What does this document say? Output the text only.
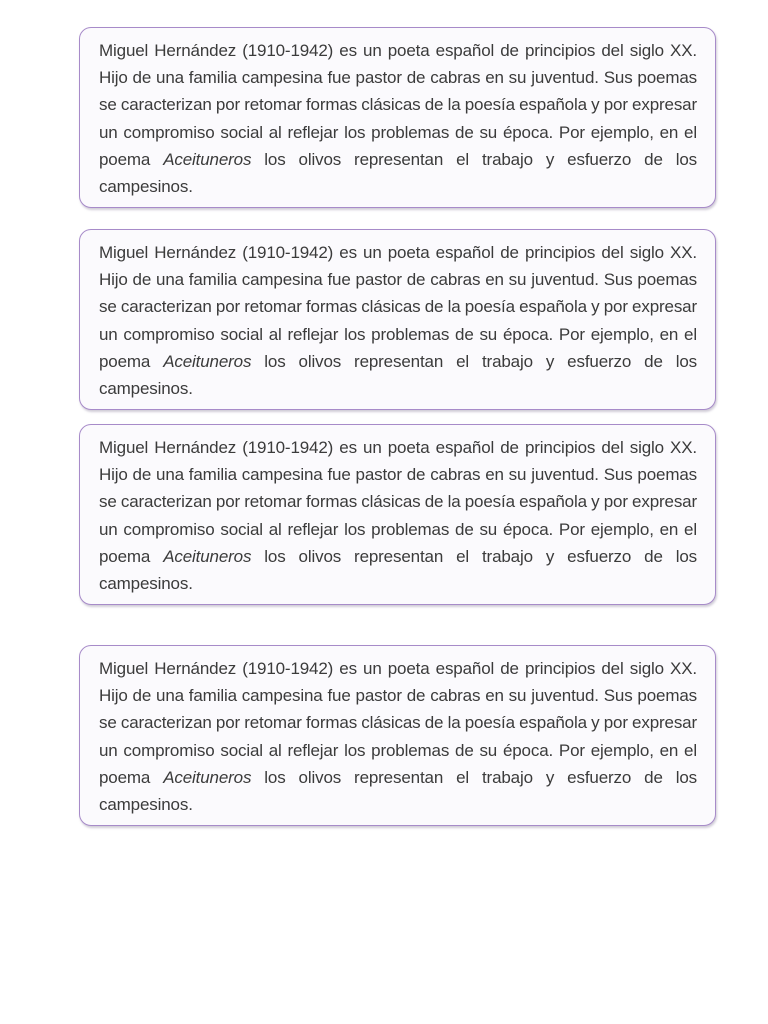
Miguel Hernández (1910-1942) es un poeta español de principios del siglo XX. Hijo de una familia campesina fue pastor de cabras en su juventud. Sus poemas se caracterizan por retomar formas clásicas de la poesía española y por expresar un compromiso social al reflejar los problemas de su época. Por ejemplo, en el poema Aceituneros los olivos representan el trabajo y esfuerzo de los campesinos.

Miguel Hernández (1910-1942) es un poeta español de principios del siglo XX. Hijo de una familia campesina fue pastor de cabras en su juventud. Sus poemas se caracterizan por retomar formas clásicas de la poesía española y por expresar un compromiso social al reflejar los problemas de su época. Por ejemplo, en el poema Aceituneros los olivos representan el trabajo y esfuerzo de los campesinos.

Miguel Hernández (1910-1942) es un poeta español de principios del siglo XX. Hijo de una familia campesina fue pastor de cabras en su juventud. Sus poemas se caracterizan por retomar formas clásicas de la poesía española y por expresar un compromiso social al reflejar los problemas de su época. Por ejemplo, en el poema Aceituneros los olivos representan el trabajo y esfuerzo de los campesinos.

Miguel Hernández (1910-1942) es un poeta español de principios del siglo XX. Hijo de una familia campesina fue pastor de cabras en su juventud. Sus poemas se caracterizan por retomar formas clásicas de la poesía española y por expresar un compromiso social al reflejar los problemas de su época. Por ejemplo, en el poema Aceituneros los olivos representan el trabajo y esfuerzo de los campesinos.
